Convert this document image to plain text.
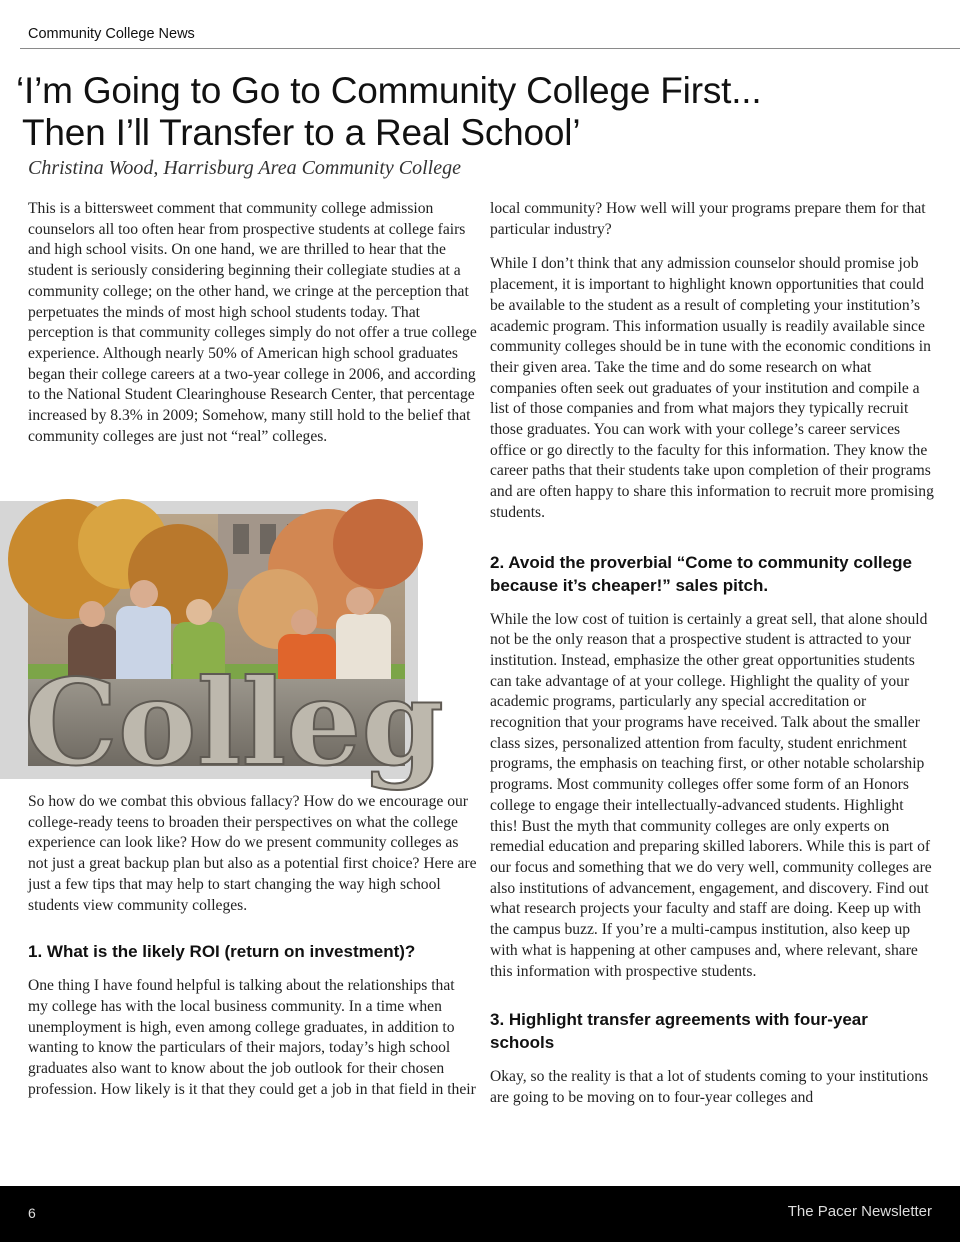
Community College News
‘I’m Going to Go to Community College First...
Then I’ll Transfer to a Real School’
Christina Wood, Harrisburg Area Community College

This is a bittersweet comment that community college admission counselors all too often hear from prospective students at college fairs and high school visits. On one hand, we are thrilled to hear that the student is seriously considering beginning their collegiate studies at a community college; on the other hand, we cringe at the perception that perpetuates the minds of most high school students today. That perception is that community colleges simply do not offer a true college experience. Although nearly 50% of American high school graduates began their college careers at a two-year college in 2006, and according to the National Student Clearinghouse Research Center, that percentage increased by 8.3% in 2009; Somehow, many still hold to the belief that community colleges are just not “real” colleges.

Colleg

So how do we combat this obvious fallacy? How do we encourage our college-ready teens to broaden their perspectives on what the college experience can look like? How do we present community colleges as not just a great backup plan but also as a potential first choice? Here are just a few tips that may help to start changing the way high school students view community colleges.

1. What is the likely ROI (return on investment)?

One thing I have found helpful is talking about the relationships that my college has with the local business community. In a time when unemployment is high, even among college graduates, in addition to wanting to know the particulars of their majors, today’s high school graduates also want to know about the job outlook for their chosen profession. How likely is it that they could get a job in that field in their

local community? How well will your programs prepare them for that particular industry?

While I don’t think that any admission counselor should promise job placement, it is important to highlight known opportunities that could be available to the student as a result of completing your institution’s academic program. This information usually is readily available since community colleges should be in tune with the economic conditions in their given area. Take the time and do some research on what companies often seek out graduates of your institution and compile a list of those companies and from what majors they typically recruit those graduates. You can work with your college’s career services office or go directly to the faculty for this information. They know the career paths that their students take upon completion of their programs and are often happy to share this information to recruit more promising students.

2. Avoid the proverbial “Come to community college because it’s cheaper!” sales pitch.

While the low cost of tuition is certainly a great sell, that alone should not be the only reason that a prospective student is attracted to your institution. Instead, emphasize the other great opportunities students can take advantage of at your college. Highlight the quality of your academic programs, particularly any special accreditation or recognition that your programs have received. Talk about the smaller class sizes, personalized attention from faculty, student enrichment programs, the emphasis on teaching first, or other notable scholarship programs. Most community colleges offer some form of an Honors college to engage their intellectually-advanced students. Highlight this! Bust the myth that community colleges are only experts on remedial education and preparing skilled laborers. While this is part of our focus and something that we do very well, community colleges are also institutions of advancement, engagement, and discovery. Find out what research projects your faculty and staff are doing. Keep up with the campus buzz. If you’re a multi-campus institution, also keep up with what is happening at other campuses and, where relevant, share this information with prospective students.

3. Highlight transfer agreements with four-year schools

Okay, so the reality is that a lot of students coming to your institutions are going to be moving on to four-year colleges and

6	The Pacer Newsletter
